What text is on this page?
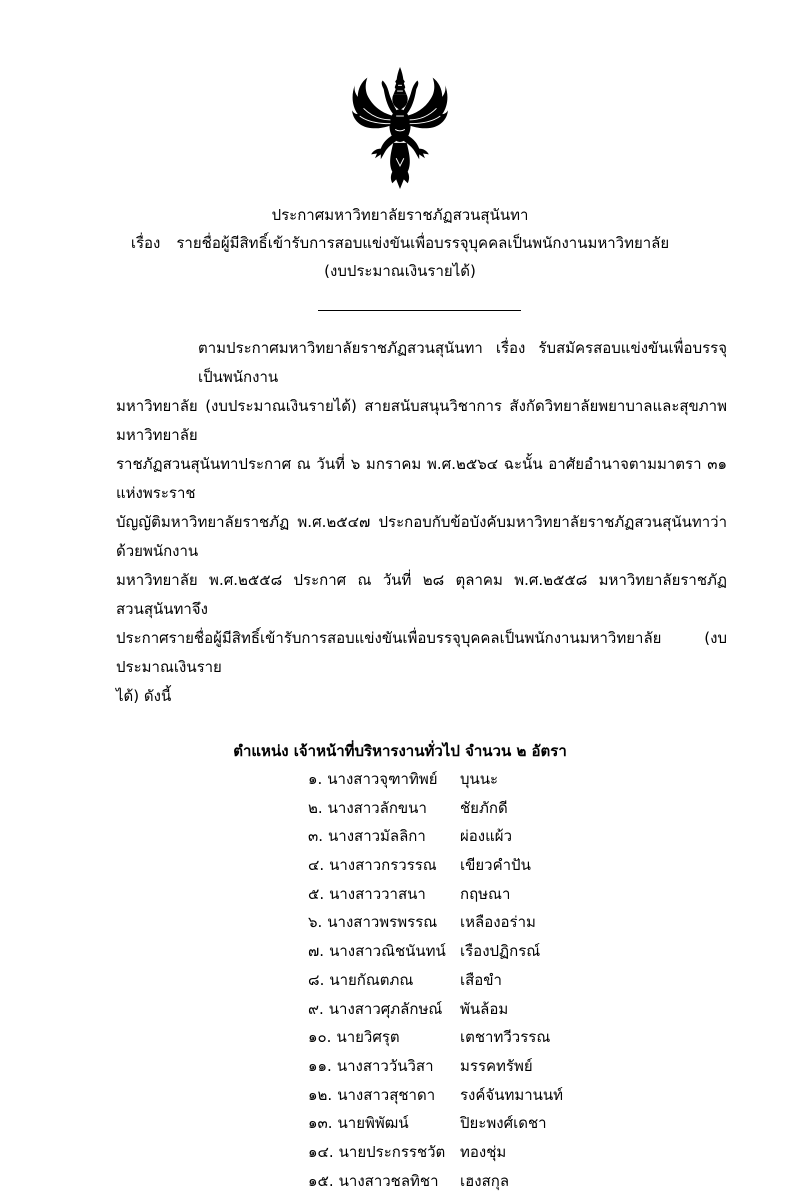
ประกาศมหาวิทยาลัยราชภัฏสวนสุนันทา
เรื่อง รายชื่อผู้มีสิทธิ์เข้ารับการสอบแข่งขันเพื่อบรรจุบุคคลเป็นพนักงานมหาวิทยาลัย
(งบประมาณเงินรายได้)
ตามประกาศมหาวิทยาลัยราชภัฏสวนสุนันทา เรื่อง รับสมัครสอบแข่งขันเพื่อบรรจุเป็นพนักงาน
มหาวิทยาลัย (งบประมาณเงินรายได้) สายสนับสนุนวิชาการ สังกัดวิทยาลัยพยาบาลและสุขภาพ มหาวิทยาลัย
ราชภัฏสวนสุนันทาประกาศ ณ วันที่ ๖ มกราคม พ.ศ.๒๕๖๔ ฉะนั้น อาศัยอำนาจตามมาตรา ๓๑ แห่งพระราช
บัญญัติมหาวิทยาลัยราชภัฏ พ.ศ.๒๕๔๗ ประกอบกับข้อบังคับมหาวิทยาลัยราชภัฏสวนสุนันทาว่าด้วยพนักงาน
มหาวิทยาลัย พ.ศ.๒๕๕๘ ประกาศ ณ วันที่ ๒๘ ตุลาคม พ.ศ.๒๕๕๘ มหาวิทยาลัยราชภัฏสวนสุนันทาจึง
ประกาศรายชื่อผู้มีสิทธิ์เข้ารับการสอบแข่งขันเพื่อบรรจุบุคคลเป็นพนักงานมหาวิทยาลัย (งบประมาณเงินราย
ได้) ดังนี้
ตำแหน่ง เจ้าหน้าที่บริหารงานทั่วไป จำนวน ๒ อัตรา
๑. นางสาวจุฑาทิพย์ บุนนะ
๒. นางสาวลักขนา ชัยภักดี
๓. นางสาวมัลลิกา ผ่องแผ้ว
๔. นางสาวกรวรรณ เขียวคำปัน
๕. นางสาววาสนา กฤษณา
๖. นางสาวพรพรรณ เหลืองอร่าม
๗. นางสาวณิชนันทน์ เรืองปฏิกรณ์
๘. นายกัณตภณ	เสือขำ
๙. นางสาวศุภลักษณ์ พันล้อม
๑๐. นายวิศรุต	เตชาทวีวรรณ
๑๑. นางสาววันวิสา มรรคทรัพย์
๑๒. นางสาวสุชาดา รงค์จันทมานนท์
๑๓. นายพิพัฒน์	ปิยะพงศ์เดชา
๑๔. นายประกรรชวัต ทองชุ่ม
๑๕. นางสาวชลทิชา เฮงสกุล
